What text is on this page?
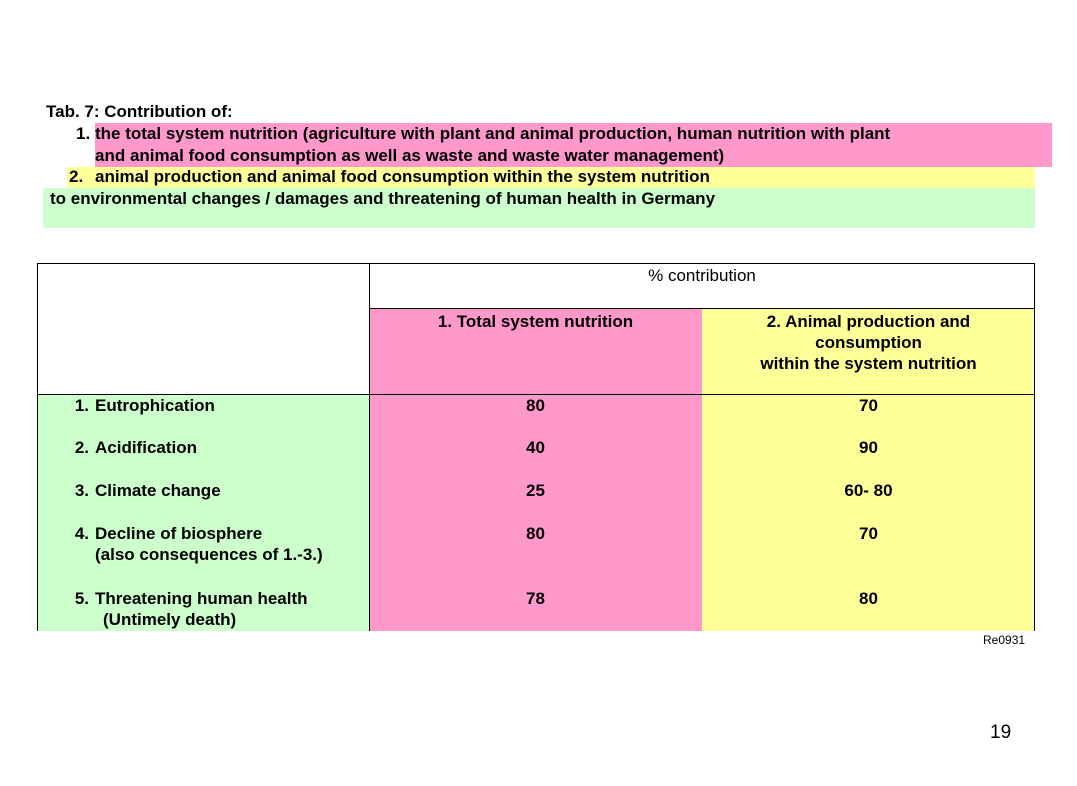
Tab. 7: Contribution of:
1. the total system nutrition (agriculture with plant and animal production, human nutrition with plant
and animal food consumption as well as waste and waste water management)
2. animal production and animal food consumption within the system nutrition
to environmental changes / damages and threatening of human health in Germany
% contribution
1. Total system nutrition	2. Animal production and
consumption
within the system nutrition
1. Eutrophication	80	70
2. Acidification	40	90
3. Climate change	25	60- 80
4. Decline of biosphere
(also consequences of 1.-3.)
80	70
5. Threatening human health
(Untimely death)
78	80
Re0931
19
